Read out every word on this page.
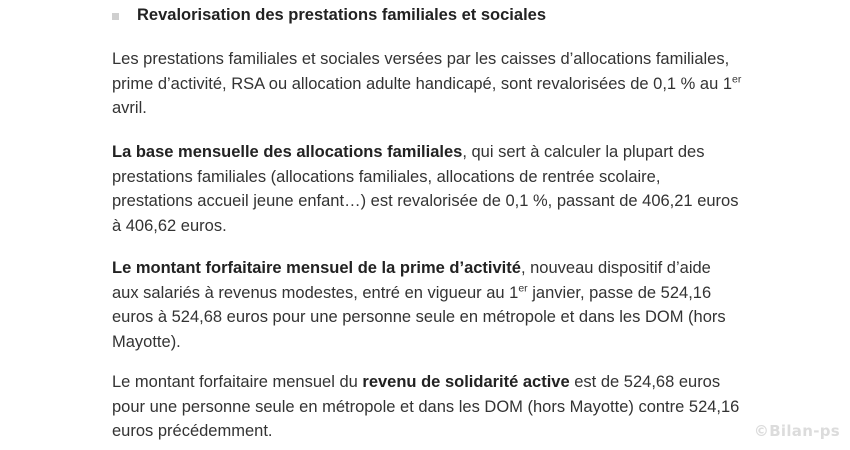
Revalorisation des prestations familiales et sociales

Les prestations familiales et sociales versées par les caisses d’allocations familiales, prime d’activité, RSA ou allocation adulte handicapé, sont revalorisées de 0,1 % au 1er avril.

La base mensuelle des allocations familiales, qui sert à calculer la plupart des prestations familiales (allocations familiales, allocations de rentrée scolaire, prestations accueil jeune enfant…) est revalorisée de 0,1 %, passant de 406,21 euros à 406,62 euros.

Le montant forfaitaire mensuel de la prime d’activité, nouveau dispositif d’aide aux salariés à revenus modestes, entré en vigueur au 1er janvier, passe de 524,16 euros à 524,68 euros pour une personne seule en métropole et dans les DOM (hors Mayotte).

Le montant forfaitaire mensuel du revenu de solidarité active est de 524,68 euros pour une personne seule en métropole et dans les DOM (hors Mayotte) contre 524,16 euros précédemment.	©Bilan-ps
